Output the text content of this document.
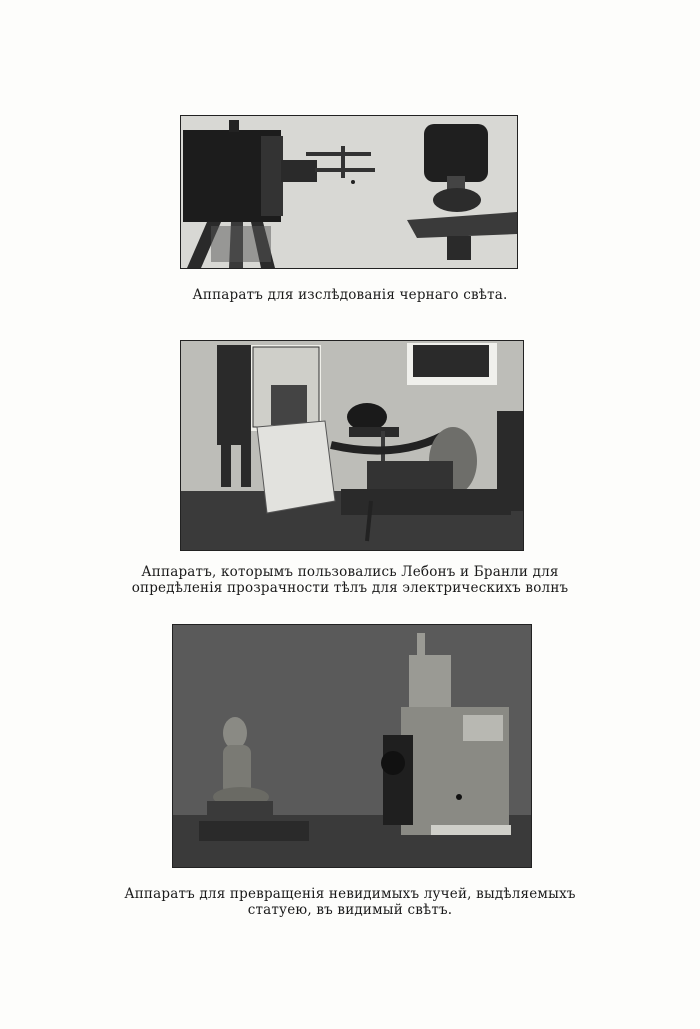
Аппаратъ для изслѣдованія чернаго свѣта.
Аппаратъ, которымъ пользовались Лебонъ и Бранли для
опредѣленія прозрачности тѣлъ для электрическихъ волнъ
Аппаратъ для превращенія невидимыхъ лучей, выдѣляемыхъ
статуею, въ видимый свѣтъ.
